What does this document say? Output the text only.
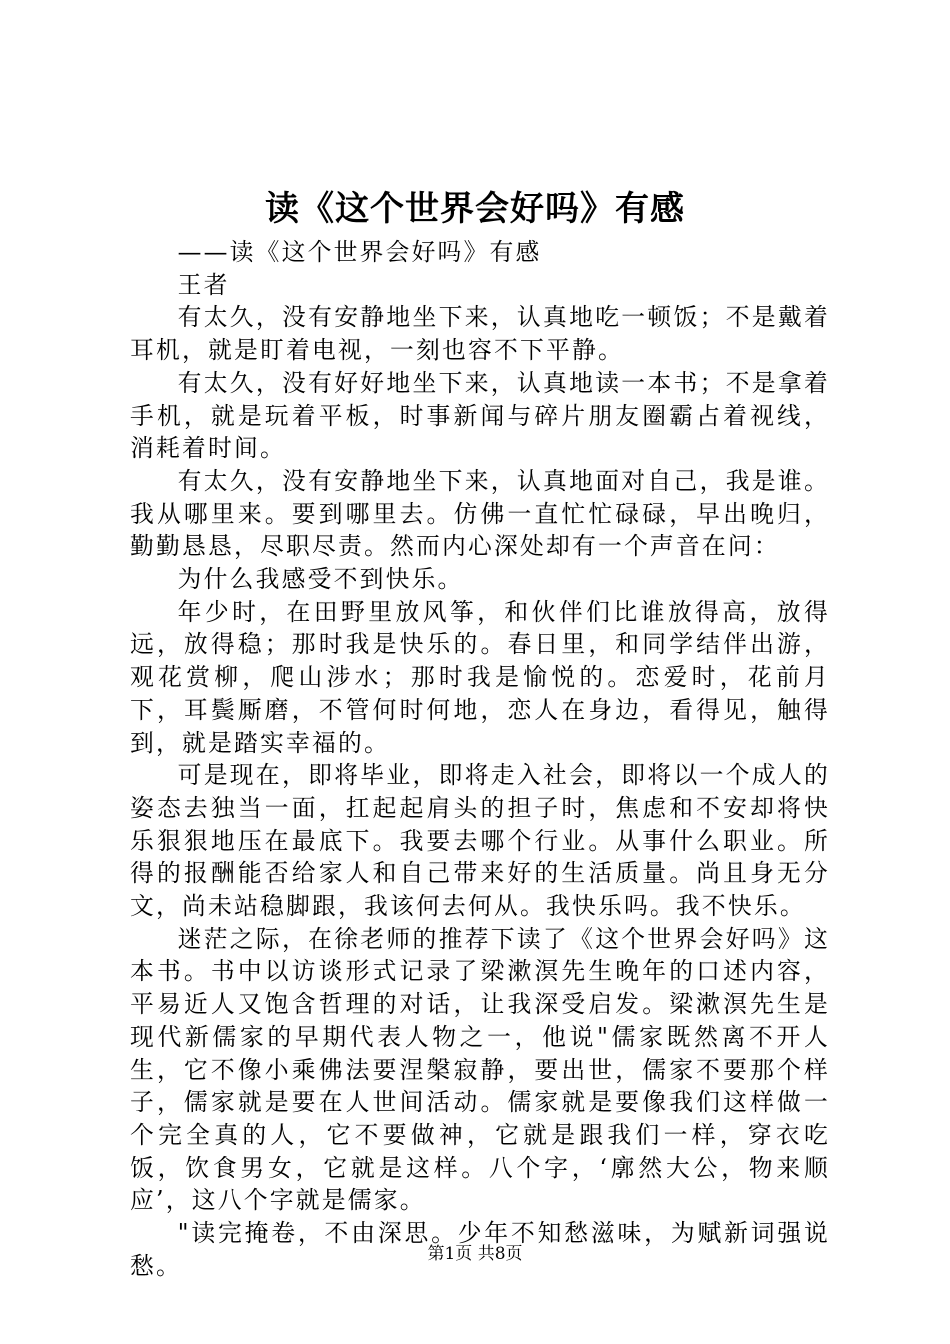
读《这个世界会好吗》有感

——读《这个世界会好吗》有感

王者

有太久，没有安静地坐下来，认真地吃一顿饭；不是戴着耳机，就是盯着电视，一刻也容不下平静。

有太久，没有好好地坐下来，认真地读一本书；不是拿着手机，就是玩着平板，时事新闻与碎片朋友圈霸占着视线，消耗着时间。

有太久，没有安静地坐下来，认真地面对自己，我是谁。我从哪里来。要到哪里去。仿佛一直忙忙碌碌，早出晚归，勤勤恳恳，尽职尽责。然而内心深处却有一个声音在问：

为什么我感受不到快乐。

年少时，在田野里放风筝，和伙伴们比谁放得高，放得远，放得稳；那时我是快乐的。春日里，和同学结伴出游，观花赏柳，爬山涉水；那时我是愉悦的。恋爱时，花前月下，耳鬓厮磨，不管何时何地，恋人在身边，看得见，触得到，就是踏实幸福的。

可是现在，即将毕业，即将走入社会，即将以一个成人的姿态去独当一面，扛起起肩头的担子时，焦虑和不安却将快乐狠狠地压在最底下。我要去哪个行业。从事什么职业。所得的报酬能否给家人和自己带来好的生活质量。尚且身无分文，尚未站稳脚跟，我该何去何从。我快乐吗。我不快乐。

迷茫之际，在徐老师的推荐下读了《这个世界会好吗》这本书。书中以访谈形式记录了梁漱溟先生晚年的口述内容，平易近人又饱含哲理的对话，让我深受启发。梁漱溟先生是现代新儒家的早期代表人物之一，他说"儒家既然离不开人生，它不像小乘佛法要涅槃寂静，要出世，儒家不要那个样子，儒家就是要在人世间活动。儒家就是要像我们这样做一个完全真的人，它不要做神，它就是跟我们一样，穿衣吃饭，饮食男女，它就是这样。八个字，‘廓然大公，物来顺应’，这八个字就是儒家。

"读完掩卷，不由深思。少年不知愁滋味，为赋新词强说愁。	第1页 共8页
